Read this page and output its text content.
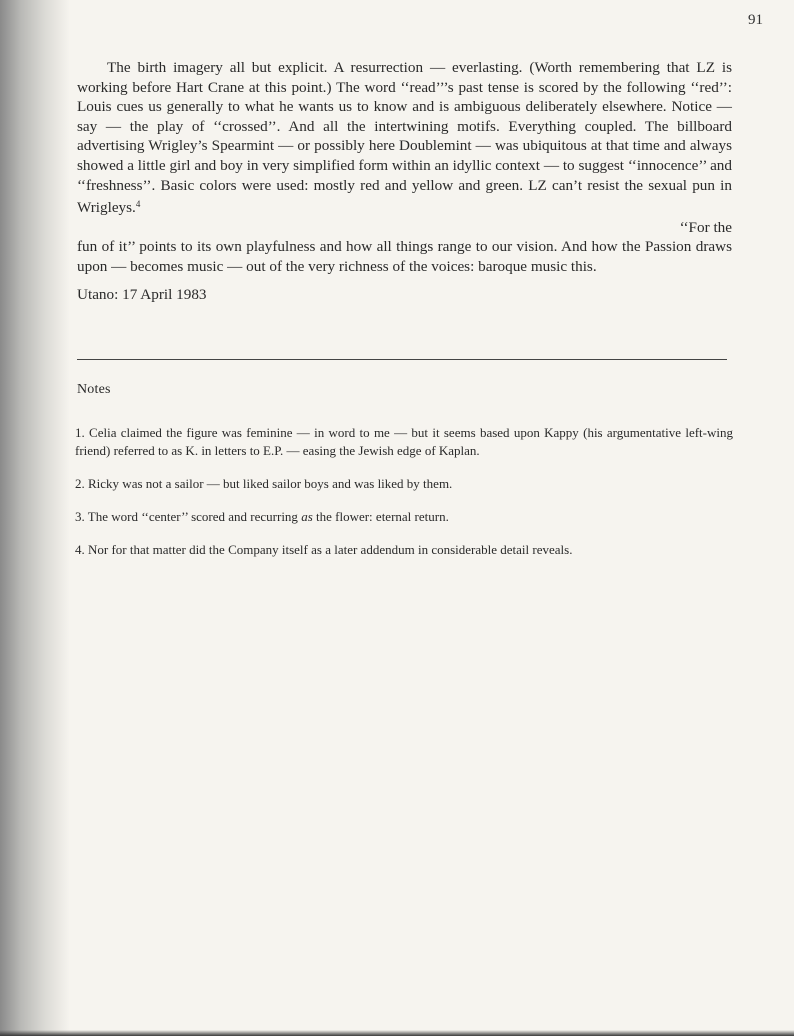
91

The birth imagery all but explicit. A resurrection — everlasting. (Worth remembering that LZ is working before Hart Crane at this point.) The word ‘‘read’’’s past tense is scored by the following ‘‘red’’: Louis cues us generally to what he wants us to know and is ambiguous deliberately elsewhere. Notice — say — the play of ‘‘crossed’’. And all the intertwining motifs. Everything coupled. The billboard advertising Wrigley’s Spearmint — or possibly here Doublemint — was ubiquitous at that time and always showed a little girl and boy in very simplified form within an idyllic context — to suggest ‘‘innocence’’ and ‘‘freshness’’. Basic colors were used: mostly red and yellow and green. LZ can’t resist the sexual pun in Wrigleys.$^4$

‘‘For the
fun of it’’ points to its own playfulness and how all things range to our vision. And how the Passion draws upon — becomes music — out of the very richness of the voices: baroque music this.

Utano: 17 April 1983

Notes
1. Celia claimed the figure was feminine — in word to me — but it seems based upon Kappy (his argumentative left-wing friend) referred to as K. in letters to E.P. — easing the Jewish edge of Kaplan.
2. Ricky was not a sailor — but liked sailor boys and was liked by them.
3. The word ‘‘center’’ scored and recurring as the flower: eternal return.
4. Nor for that matter did the Company itself as a later addendum in considerable detail reveals.
